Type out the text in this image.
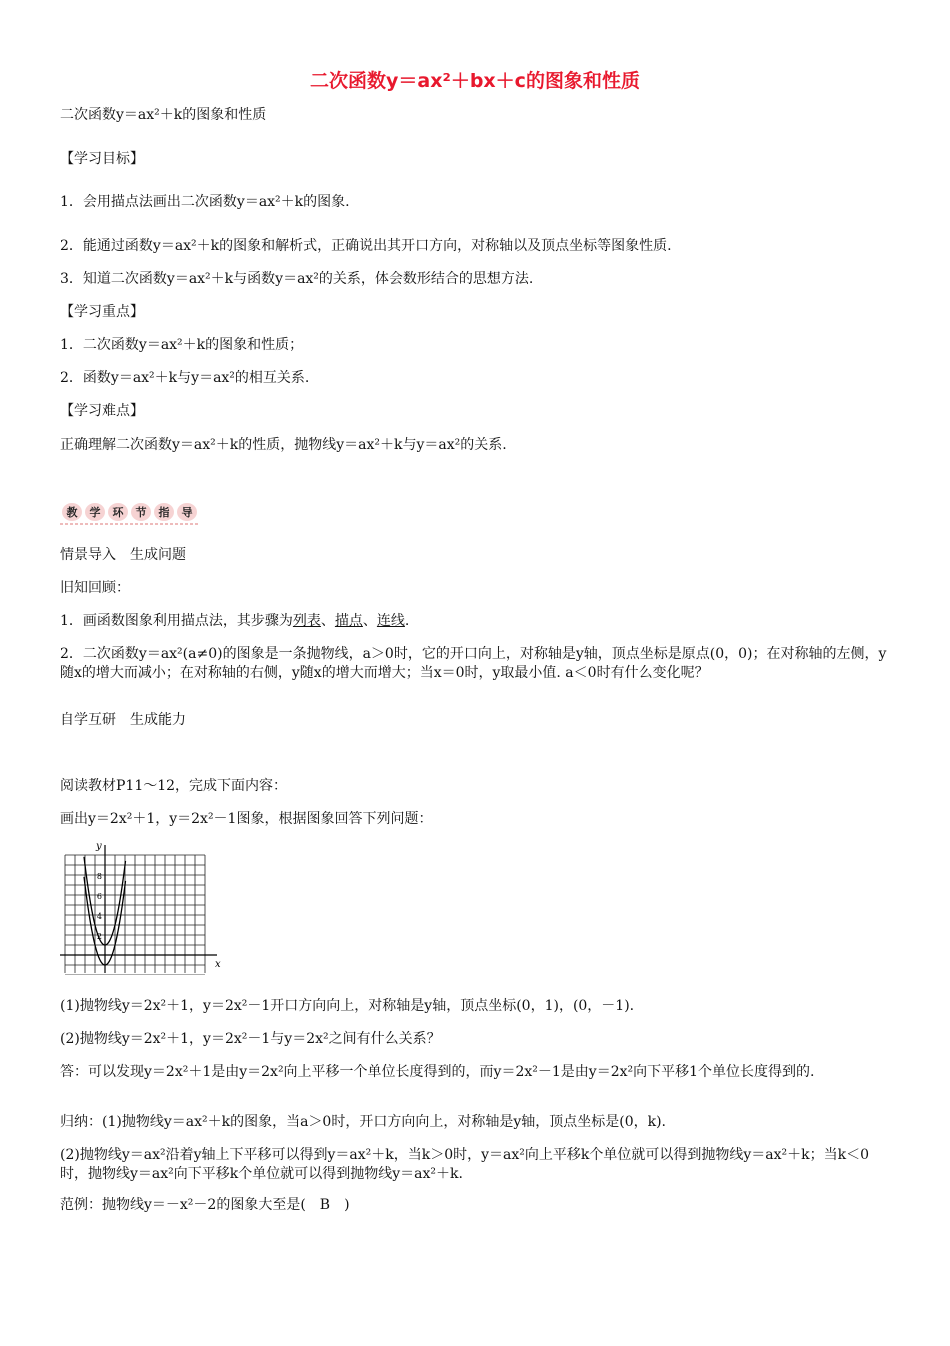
二次函数y＝ax²＋bx＋c的图象和性质
二次函数y＝ax²＋k的图象和性质
【学习目标】
1．会用描点法画出二次函数y＝ax²＋k的图象.
2．能通过函数y＝ax²＋k的图象和解析式，正确说出其开口方向，对称轴以及顶点坐标等图象性质.
3．知道二次函数y＝ax²＋k与函数y＝ax²的关系，体会数形结合的思想方法.
【学习重点】
1．二次函数y＝ax²＋k的图象和性质；
2．函数y＝ax²＋k与y＝ax²的相互关系.
【学习难点】
正确理解二次函数y＝ax²＋k的性质，抛物线y＝ax²＋k与y＝ax²的关系.
教 学 环 节 指 导
情景导入　生成问题
旧知回顾：
1．画函数图象利用描点法，其步骤为列表、描点、连线.
2．二次函数y＝ax²(a≠0)的图象是一条抛物线，a＞0时，它的开口向上，对称轴是y轴，顶点坐标是原点(0，0)；在对称轴的左侧，y随x的增大而减小；在对称轴的右侧，y随x的增大而增大；当x＝0时，y取最小值. a＜0时有什么变化呢？
自学互研　生成能力
阅读教材P11～12，完成下面内容：
画出y＝2x²＋1，y＝2x²－1图象，根据图象回答下列问题：
x
y
8
6
4
2
(1)抛物线y＝2x²＋1，y＝2x²－1开口方向向上，对称轴是y轴，顶点坐标(0，1)，(0，－1).
(2)抛物线y＝2x²＋1，y＝2x²－1与y＝2x²之间有什么关系？
答：可以发现y＝2x²＋1是由y＝2x²向上平移一个单位长度得到的，而y＝2x²－1是由y＝2x²向下平移1个单位长度得到的.
归纳：(1)抛物线y＝ax²＋k的图象，当a＞0时，开口方向向上，对称轴是y轴，顶点坐标是(0，k).
(2)抛物线y＝ax²沿着y轴上下平移可以得到y＝ax²＋k，当k＞0时，y＝ax²向上平移k个单位就可以得到抛物线y＝ax²＋k；当k＜0时，抛物线y＝ax²向下平移k个单位就可以得到抛物线y＝ax²＋k.
范例：抛物线y＝－x²－2的图象大至是(　B　)
